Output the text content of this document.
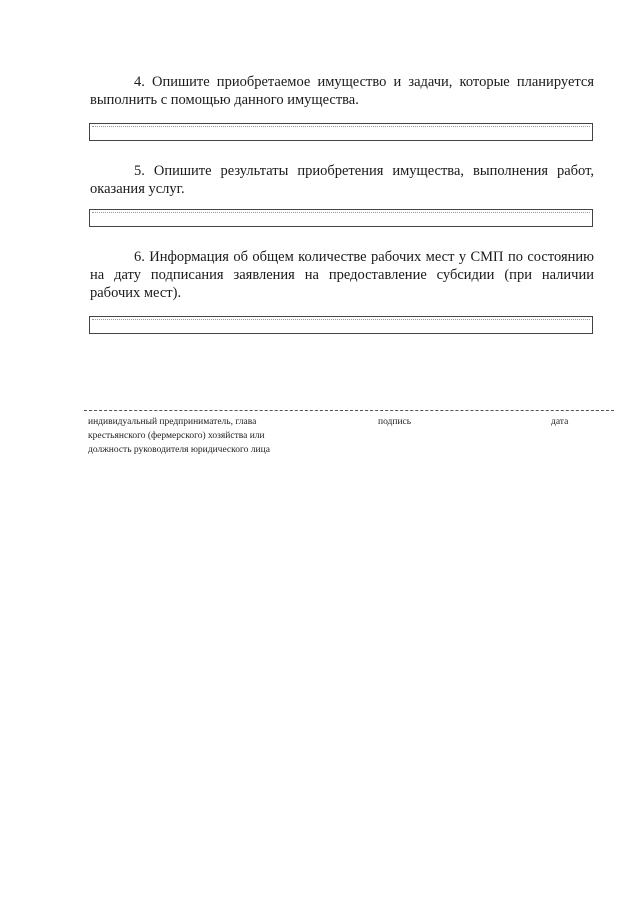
4. Опишите приобретаемое имущество и задачи, которые планируется выполнить с помощью данного имущества.
5. Опишите результаты приобретения имущества, выполнения работ, оказания услуг.
6. Информация об общем количестве рабочих мест у СМП по состоянию на дату подписания заявления на предоставление субсидии (при наличии рабочих мест).
индивидуальный предприниматель, глава
крестьянского (фермерского) хозяйства или
должность руководителя юридического лица
подпись	дата
